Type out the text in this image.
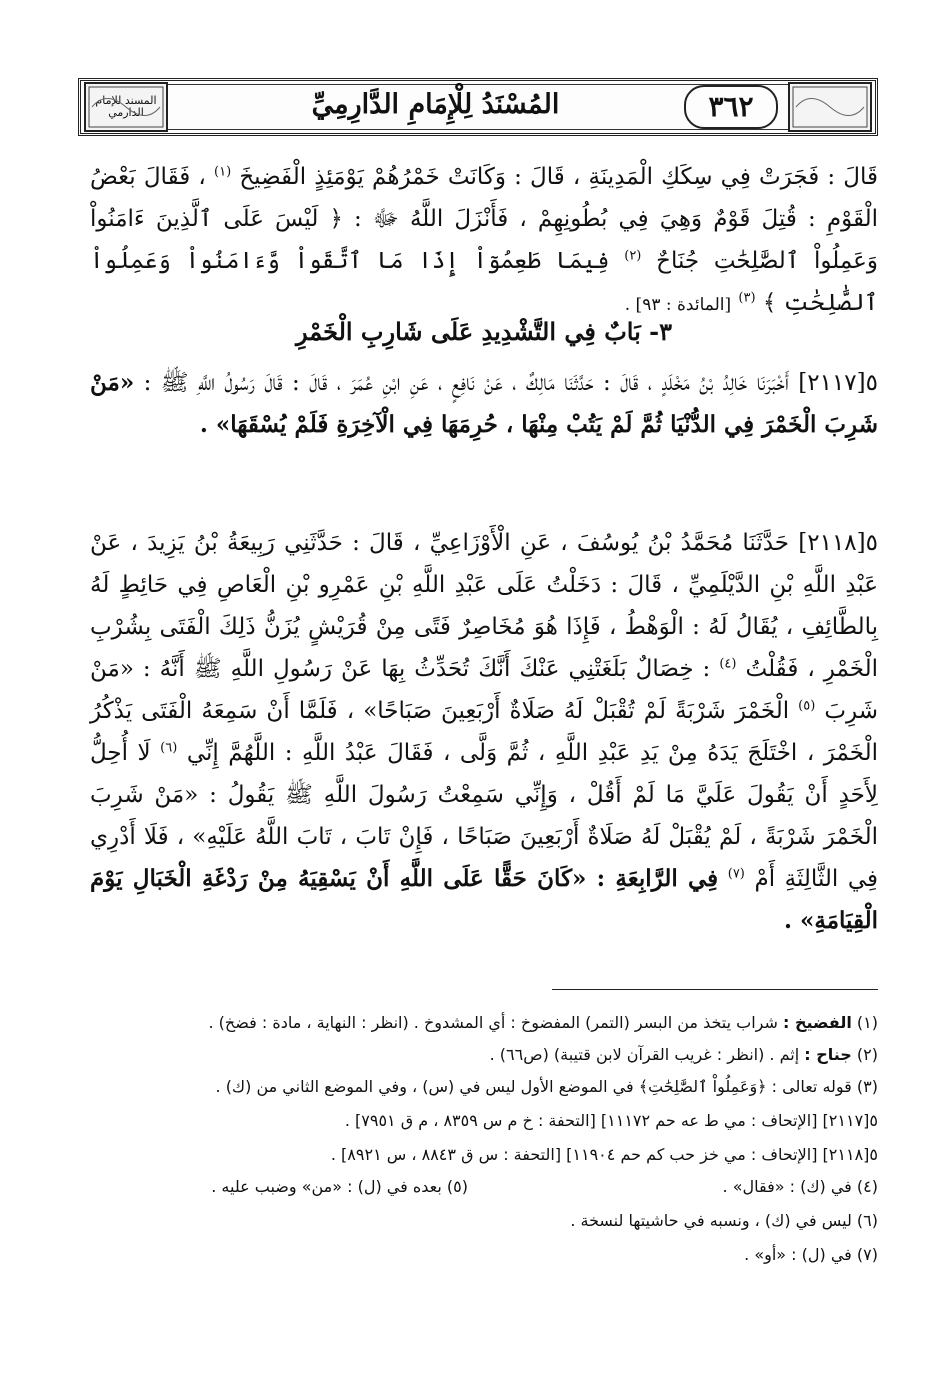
المسند للإمام الدارمي	٣٦٢
المُسْنَدُ لِلْإِمَامِ الدَّارِمِيِّ
قَالَ : فَجَرَتْ فِي سِكَكِ الْمَدِينَةِ ، قَالَ : وَكَانَتْ خَمْرُهُمْ يَوْمَئِذٍ الْفَضِيخَ $^{(١)}$ ، فَقَالَ بَعْضُ الْقَوْمِ : قُتِلَ قَوْمٌ وَهِيَ فِي بُطُونِهِمْ ، فَأَنْزَلَ اللَّهُ ﷻ : ﴿ لَيْسَ عَلَى ٱلَّذِينَ ءَامَنُواْ وَعَمِلُواْ ٱلصَّٰلِحَٰتِ جُنَاحٌ $^{(٢)}$ فِيمَا طَعِمُوٓاْ إِذَا مَا ٱتَّقَواْ وَّءَامَنُواْ وَعَمِلُواْ ٱلصَّٰلِحَٰتِ ﴾ $^{(٣)}$ [المائدة : ٩٣] .
٣- بَابٌ فِي التَّشْدِيدِ عَلَى شَارِبِ الْخَمْرِ
٥[٢١١٧] أَخْبَرَنَا خَالِدُ بْنُ مَخْلَدٍ ، قَالَ : حَدَّثَنَا مَالِكٌ ، عَنْ نَافِعٍ ، عَنِ ابْنِ عُمَرَ ، قَالَ : قَالَ رَسُولُ اللَّهِ ﷺ : «مَنْ شَرِبَ الْخَمْرَ فِي الدُّنْيَا ثُمَّ لَمْ يَتُبْ مِنْهَا ، حُرِمَهَا فِي الْآخِرَةِ فَلَمْ يُسْقَهَا» .
٥[٢١١٨] حَدَّثَنَا مُحَمَّدُ بْنُ يُوسُفَ ، عَنِ الْأَوْزَاعِيِّ ، قَالَ : حَدَّثَنِي رَبِيعَةُ بْنُ يَزِيدَ ، عَنْ عَبْدِ اللَّهِ بْنِ الدَّيْلَمِيِّ ، قَالَ : دَخَلْتُ عَلَى عَبْدِ اللَّهِ بْنِ عَمْرِو بْنِ الْعَاصِ فِي حَائِطٍ لَهُ بِالطَّائِفِ ، يُقَالُ لَهُ : الْوَهْطُ ، فَإِذَا هُوَ مُخَاصِرٌ فَتًى مِنْ قُرَيْشٍ يُزَنُّ ذَلِكَ الْفَتَى بِشُرْبِ الْخَمْرِ ، فَقُلْتُ $^{(٤)}$ : خِصَالٌ بَلَغَتْنِي عَنْكَ أَنَّكَ تُحَدِّثُ بِهَا عَنْ رَسُولِ اللَّهِ ﷺ أَنَّهُ : «مَنْ شَرِبَ $^{(٥)}$ الْخَمْرَ شَرْبَةً لَمْ تُقْبَلْ لَهُ صَلَاةٌ أَرْبَعِينَ صَبَاحًا» ، فَلَمَّا أَنْ سَمِعَهُ الْفَتَى يَذْكُرُ الْخَمْرَ ، اخْتَلَجَ يَدَهُ مِنْ يَدِ عَبْدِ اللَّهِ ، ثُمَّ وَلَّى ، فَقَالَ عَبْدُ اللَّهِ : اللَّهُمَّ إِنِّي $^{(٦)}$ لَا أُحِلُّ لِأَحَدٍ أَنْ يَقُولَ عَلَيَّ مَا لَمْ أَقُلْ ، وَإِنِّي سَمِعْتُ رَسُولَ اللَّهِ ﷺ يَقُولُ : «مَنْ شَرِبَ الْخَمْرَ شَرْبَةً ، لَمْ يُقْبَلْ لَهُ صَلَاةٌ أَرْبَعِينَ صَبَاحًا ، فَإِنْ تَابَ ، تَابَ اللَّهُ عَلَيْهِ» ، فَلَا أَدْرِي فِي الثَّالِثَةِ أَمْ $^{(٧)}$ فِي الرَّابِعَةِ : «كَانَ حَقًّا عَلَى اللَّهِ أَنْ يَسْقِيَهُ مِنْ رَدْغَةِ الْخَبَالِ يَوْمَ الْقِيَامَةِ» .
(١) الفضيخ : شراب يتخذ من البسر (التمر) المفضوخ : أي المشدوخ . (انظر : النهاية ، مادة : فضخ) .
(٢) جناح : إثم . (انظر : غريب القرآن لابن قتيبة) (ص٦٦) .
(٣) قوله تعالى : ﴿وَعَمِلُواْ ٱلصَّٰلِحَٰتِ﴾ في الموضع الأول ليس في (س) ، وفي الموضع الثاني من (ك) .
٥[٢١١٧] [الإتحاف : مي ط عه حم ١١١٧٢] [التحفة : خ م س ٨٣٥٩ ، م ق ٧٩٥١] .
٥[٢١١٨] [الإتحاف : مي خز حب كم حم ١١٩٠٤] [التحفة : س ق ٨٨٤٣ ، س ٨٩٢١] .
(٤) في (ك) : «فقال» .
(٥) بعده في (ل) : «من» وضبب عليه .
(٦) ليس في (ك) ، ونسبه في حاشيتها لنسخة .
(٧) في (ل) : «أو» .
